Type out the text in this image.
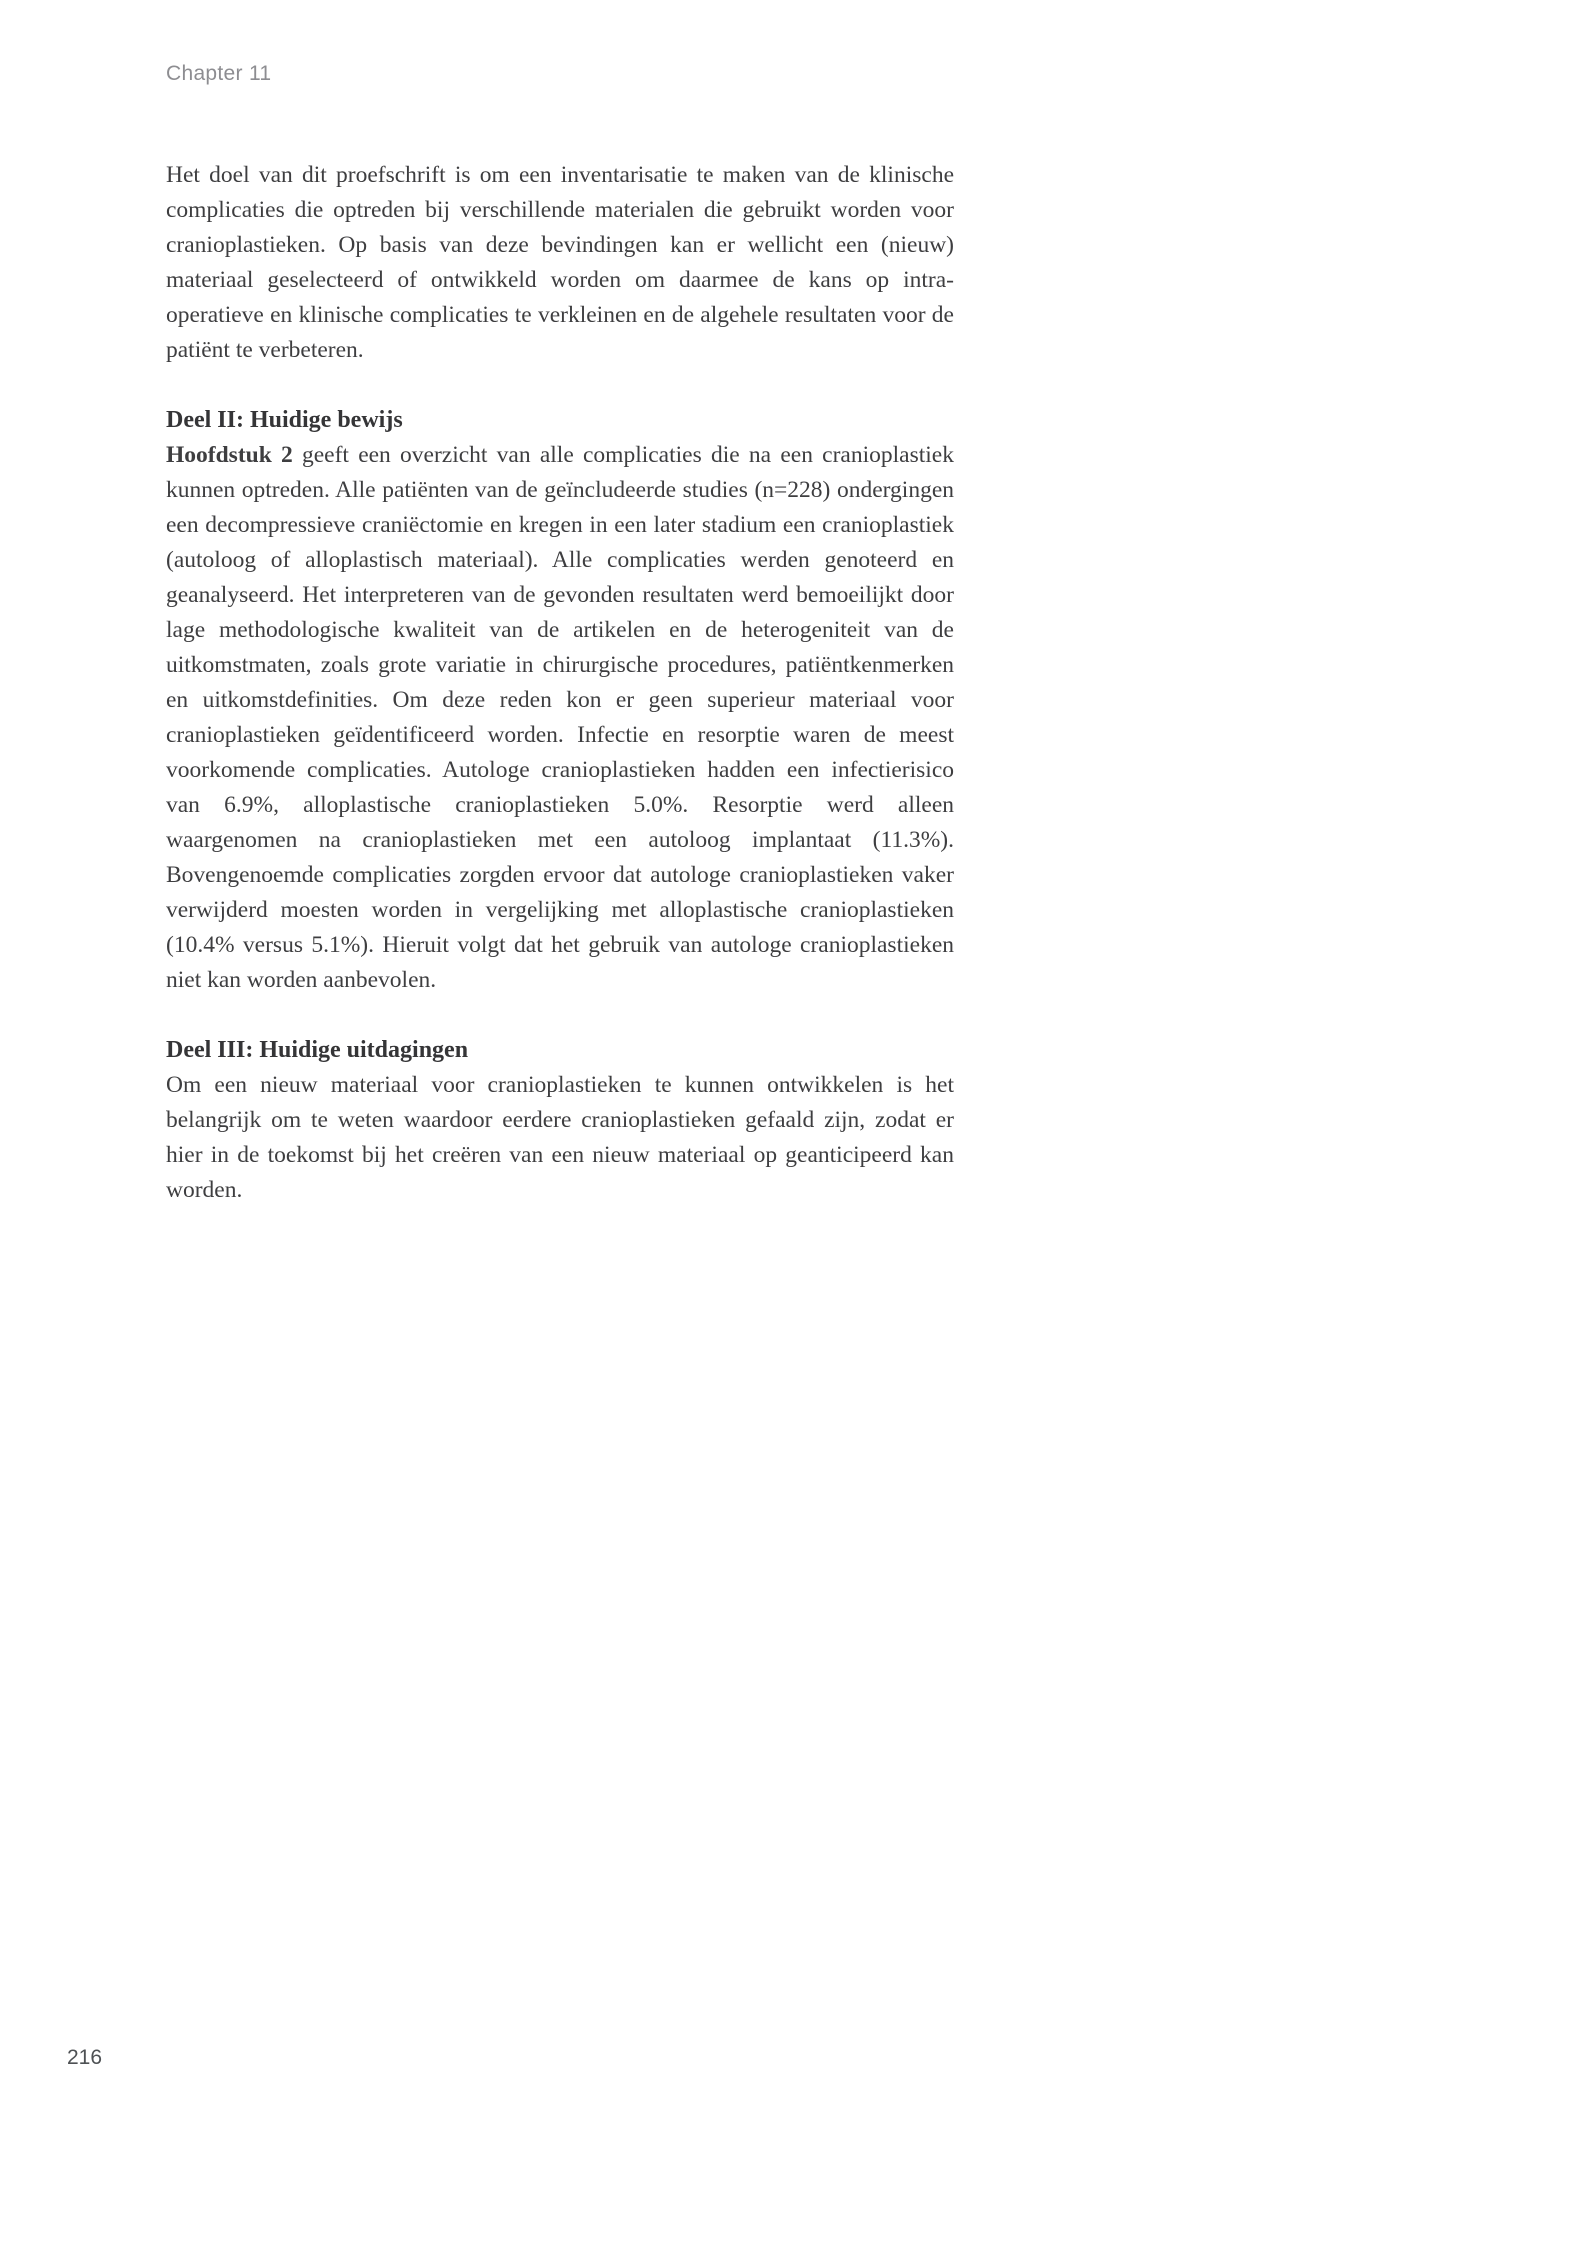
Chapter 11

Het doel van dit proefschrift is om een inventarisatie te maken van de klinische complicaties die optreden bij verschillende materialen die gebruikt worden voor cranioplastieken. Op basis van deze bevindingen kan er wellicht een (nieuw) materiaal geselecteerd of ontwikkeld worden om daarmee de kans op intra-operatieve en klinische complicaties te verkleinen en de algehele resultaten voor de patiënt te verbeteren.

Deel II: Huidige bewijs

Hoofdstuk 2 geeft een overzicht van alle complicaties die na een cranioplastiek kunnen optreden. Alle patiënten van de geïncludeerde studies (n=228) ondergingen een decompressieve craniëctomie en kregen in een later stadium een cranioplastiek (autoloog of alloplastisch materiaal). Alle complicaties werden genoteerd en geanalyseerd. Het interpreteren van de gevonden resultaten werd bemoeilijkt door lage methodologische kwaliteit van de artikelen en de heterogeniteit van de uitkomstmaten, zoals grote variatie in chirurgische procedures, patiëntkenmerken en uitkomstdefinities. Om deze reden kon er geen superieur materiaal voor cranioplastieken geïdentificeerd worden. Infectie en resorptie waren de meest voorkomende complicaties. Autologe cranioplastieken hadden een infectierisico van 6.9%, alloplastische cranioplastieken 5.0%. Resorptie werd alleen waargenomen na cranioplastieken met een autoloog implantaat (11.3%). Bovengenoemde complicaties zorgden ervoor dat autologe cranioplastieken vaker verwijderd moesten worden in vergelijking met alloplastische cranioplastieken (10.4% versus 5.1%). Hieruit volgt dat het gebruik van autologe cranioplastieken niet kan worden aanbevolen.

Deel III: Huidige uitdagingen

Om een nieuw materiaal voor cranioplastieken te kunnen ontwikkelen is het belangrijk om te weten waardoor eerdere cranioplastieken gefaald zijn, zodat er hier in de toekomst bij het creëren van een nieuw materiaal op geanticipeerd kan worden.

216
